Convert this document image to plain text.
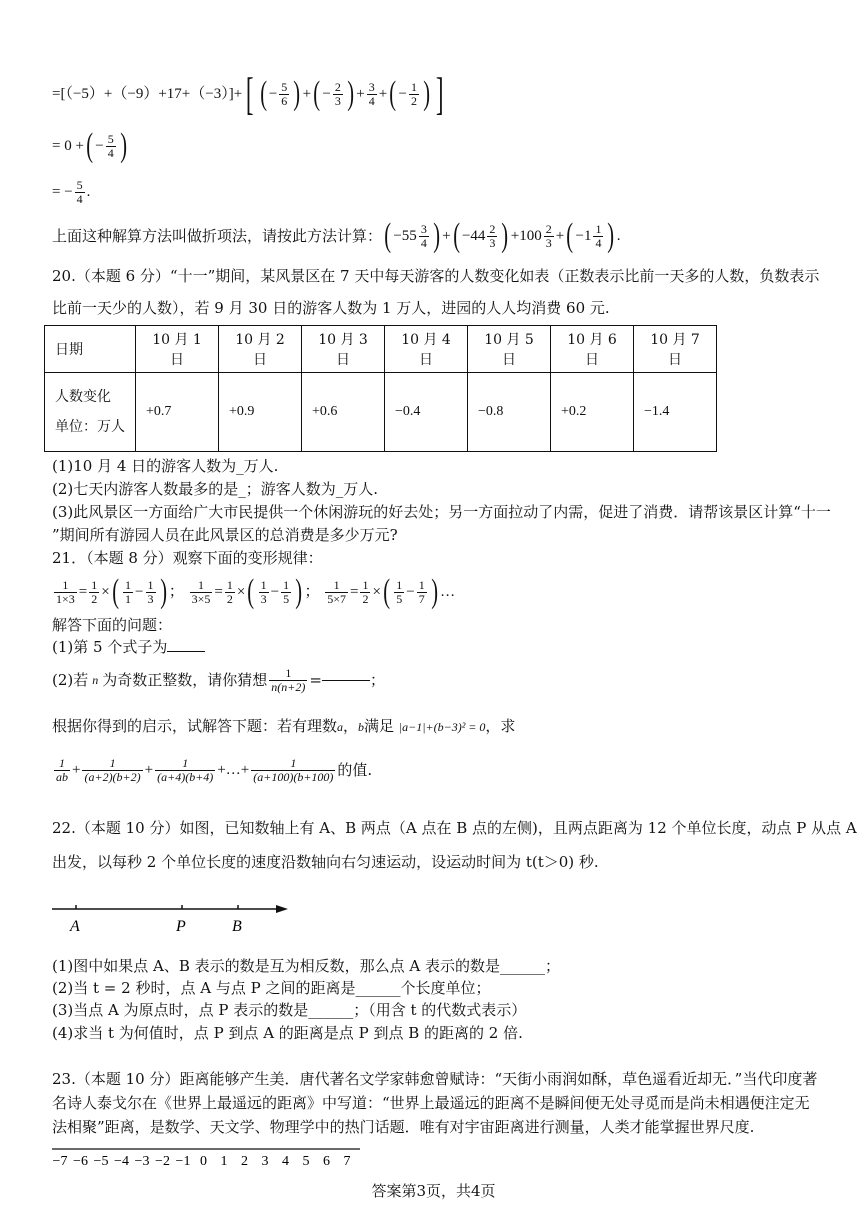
=[（−5）+（−9）+17+（−3）]+ [ ( − $\frac{5}{6}$ ) + ( − $\frac{2}{3}$ ) + $\frac{3}{4}$ + ( − $\frac{1}{2}$ ) ]
= 0 + ( − $\frac{5}{4}$ )
= − $\frac{5}{4}$ .
上面这种解算方法叫做折项法，请按此方法计算： ( $-55 \frac{3}{4}$ ) + ( $-44 \frac{2}{3}$ ) + $100 \frac{2}{3}$ + ( $-1 \frac{1}{4}$ ) .
20.（本题 6 分）“十一”期间，某风景区在 7 天中每天游客的人数变化如表（正数表示比前一天多的人数，负数表示
比前一天少的人数），若 9 月 30 日的游客人数为 1 万人，进园的人人均消费 60 元.
日期	10 月 1 日	10 月 2 日	10 月 3 日	10 月 4 日	10 月 5 日	10 月 6 日	10 月 7 日

人数变化
单位：万人	+0.7	+0.9	+0.6	−0.4	−0.8	+0.2	−1.4
(1)10 月 4 日的游客人数为_万人.
(2)七天内游客人数最多的是_；游客人数为_万人.
(3)此风景区一方面给广大市民提供一个休闲游玩的好去处；另一方面拉动了内需，促进了消费．请帮该景区计算“十一
”期间所有游园人员在此风景区的总消费是多少万元?
21．（本题 8 分）观察下面的变形规律：
$\frac{1}{1\times 3} = \frac{1}{2}$ × ( $\frac{1}{1} - \frac{1}{3}$ ) ； $\frac{1}{3\times 5} = \frac{1}{2}$ × ( $\frac{1}{3} - \frac{1}{5}$ ) ； $\frac{1}{5\times 7} = \frac{1}{2}$ × ( $\frac{1}{5} - \frac{1}{7}$ ) …
解答下面的问题：
(1)第 5 个式子为
(2)若 n 为奇数正整数，请你猜想 $\frac{1}{n(n+2)}$ =	；
根据你得到的启示，试解答下题：若有理数a，b满足 |a−1|+(b−3)² = 0，求
$\frac{1}{ab} + \frac{1}{(a+2)(b+2)} + \frac{1}{(a+4)(b+4)}$ +…+ $\frac{1}{(a+100)(b+100)}$ 的值.
22.（本题 10 分）如图，已知数轴上有 A、B 两点（A 点在 B 点的左侧)，且两点距离为 12 个单位长度，动点 P 从点 A
出发，以每秒 2 个单位长度的速度沿数轴向右匀速运动，设运动时间为 t(t＞0) 秒.
A	P	B
(1)图中如果点 A、B 表示的数是互为相反数，那么点 A 表示的数是______；
(2)当 t = 2 秒时，点 A 与点 P 之间的距离是______个长度单位；
(3)当点 A 为原点时，点 P 表示的数是______；（用含 t 的代数式表示）
(4)求当 t 为何值时，点 P 到点 A 的距离是点 P 到点 B 的距离的 2 倍.
23.（本题 10 分）距离能够产生美．唐代著名文学家韩愈曾赋诗：“天街小雨润如酥，草色遥看近却无．”当代印度著
名诗人泰戈尔在《世界上最遥远的距离》中写道：“世界上最遥远的距离不是瞬间便无处寻觅而是尚未相遇便注定无
法相聚”距离，是数学、天文学、物理学中的热门话题．唯有对宇宙距离进行测量，人类才能掌握世界尺度.
−7 −6 −5 −4 −3 −2 −1 0 1 2 3 4 5 6 7
答案第3页，共4页
